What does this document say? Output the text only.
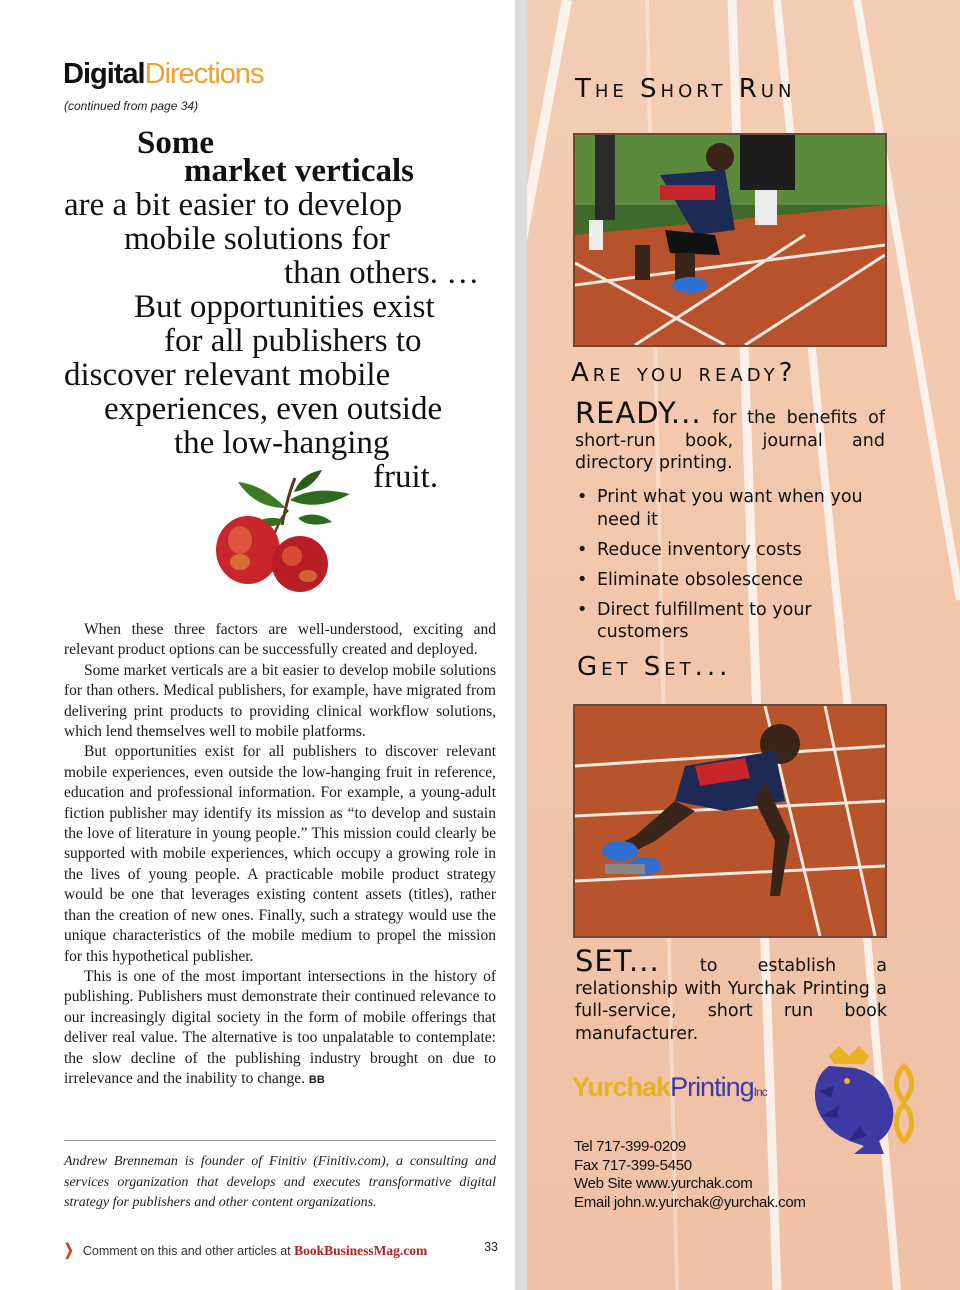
DigitalDirections
(continued from page 34)
Some
market verticals
are a bit easier to develop
mobile solutions for
than others. …
But opportunities exist
for all publishers to
discover relevant mobile
experiences, even outside
the low-hanging
fruit.

When these three factors are well-understood, exciting and relevant product options can be successfully created and deployed.

Some market verticals are a bit easier to develop mobile solutions for than others. Medical publishers, for example, have migrated from delivering print products to providing clinical workflow solutions, which lend themselves well to mobile platforms.

But opportunities exist for all publishers to discover relevant mobile experiences, even outside the low-hanging fruit in reference, education and professional information. For example, a young-adult fiction publisher may identify its mission as “to develop and sustain the love of literature in young people.” This mission could clearly be supported with mobile experiences, which occupy a growing role in the lives of young people. A practicable mobile product strategy would be one that leverages existing content assets (titles), rather than the creation of new ones. Finally, such a strategy would use the unique characteristics of the mobile medium to propel the mission for this hypothetical publisher.

This is one of the most important intersections in the history of publishing. Publishers must demonstrate their continued relevance to our increasingly digital society in the form of mobile offerings that deliver real value. The alternative is too unpalatable to contemplate: the slow decline of the publishing industry brought on due to irrelevance and the inability to change. BB

Andrew Brenneman is founder of Finitiv (Finitiv.com), a consulting and services organization that develops and executes transformative digital strategy for publishers and other content organizations.
❭ Comment on this and other articles at BookBusinessMag.com	33
The Short Run
Are you ready?
READY... for the benefits of short-run book, journal and directory printing.
• Print what you want when you need it
• Reduce inventory costs
• Eliminate obsolescence
• Direct fulfillment to your customers
Get Set...
SET... to establish a relationship with Yurchak Printing a full-service, short run book manufacturer.
YurchakPrintingInc
Tel 717-399-0209
Fax 717-399-5450
Web Site www.yurchak.com
Email john.w.yurchak@yurchak.com
